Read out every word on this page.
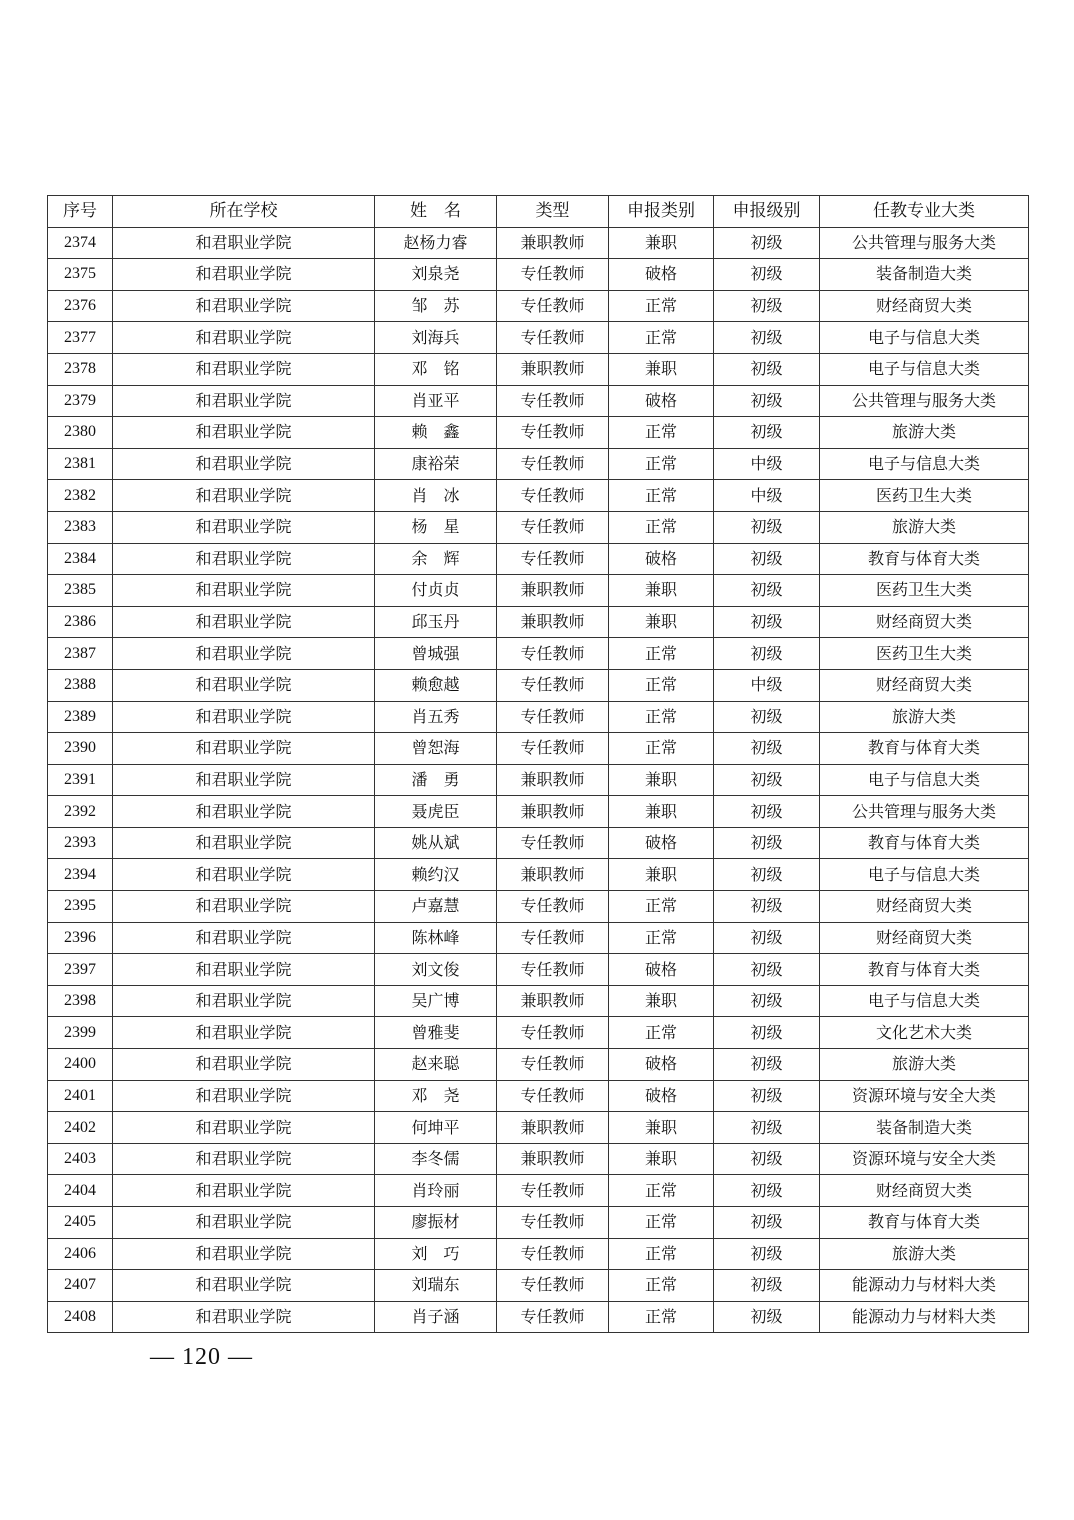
序号	所在学校	姓　名	类型	申报类别	申报级别	任教专业大类
2374	和君职业学院	赵杨力睿	兼职教师	兼职	初级	公共管理与服务大类
2375	和君职业学院	刘泉尧	专任教师	破格	初级	装备制造大类
2376	和君职业学院	邹　苏	专任教师	正常	初级	财经商贸大类
2377	和君职业学院	刘海兵	专任教师	正常	初级	电子与信息大类
2378	和君职业学院	邓　铭	兼职教师	兼职	初级	电子与信息大类
2379	和君职业学院	肖亚平	专任教师	破格	初级	公共管理与服务大类
2380	和君职业学院	赖　鑫	专任教师	正常	初级	旅游大类
2381	和君职业学院	康裕荣	专任教师	正常	中级	电子与信息大类
2382	和君职业学院	肖　冰	专任教师	正常	中级	医药卫生大类
2383	和君职业学院	杨　星	专任教师	正常	初级	旅游大类
2384	和君职业学院	余　辉	专任教师	破格	初级	教育与体育大类
2385	和君职业学院	付贞贞	兼职教师	兼职	初级	医药卫生大类
2386	和君职业学院	邱玉丹	兼职教师	兼职	初级	财经商贸大类
2387	和君职业学院	曾城强	专任教师	正常	初级	医药卫生大类
2388	和君职业学院	赖愈越	专任教师	正常	中级	财经商贸大类
2389	和君职业学院	肖五秀	专任教师	正常	初级	旅游大类
2390	和君职业学院	曾恕海	专任教师	正常	初级	教育与体育大类
2391	和君职业学院	潘　勇	兼职教师	兼职	初级	电子与信息大类
2392	和君职业学院	聂虎臣	兼职教师	兼职	初级	公共管理与服务大类
2393	和君职业学院	姚从斌	专任教师	破格	初级	教育与体育大类
2394	和君职业学院	赖约汉	兼职教师	兼职	初级	电子与信息大类
2395	和君职业学院	卢嘉慧	专任教师	正常	初级	财经商贸大类
2396	和君职业学院	陈林峰	专任教师	正常	初级	财经商贸大类
2397	和君职业学院	刘文俊	专任教师	破格	初级	教育与体育大类
2398	和君职业学院	吴广博	兼职教师	兼职	初级	电子与信息大类
2399	和君职业学院	曾雅斐	专任教师	正常	初级	文化艺术大类
2400	和君职业学院	赵来聪	专任教师	破格	初级	旅游大类
2401	和君职业学院	邓　尧	专任教师	破格	初级	资源环境与安全大类
2402	和君职业学院	何坤平	兼职教师	兼职	初级	装备制造大类
2403	和君职业学院	李冬儒	兼职教师	兼职	初级	资源环境与安全大类
2404	和君职业学院	肖玲丽	专任教师	正常	初级	财经商贸大类
2405	和君职业学院	廖振材	专任教师	正常	初级	教育与体育大类
2406	和君职业学院	刘　巧	专任教师	正常	初级	旅游大类
2407	和君职业学院	刘瑞东	专任教师	正常	初级	能源动力与材料大类
2408	和君职业学院	肖子涵	专任教师	正常	初级	能源动力与材料大类
— 120 —
